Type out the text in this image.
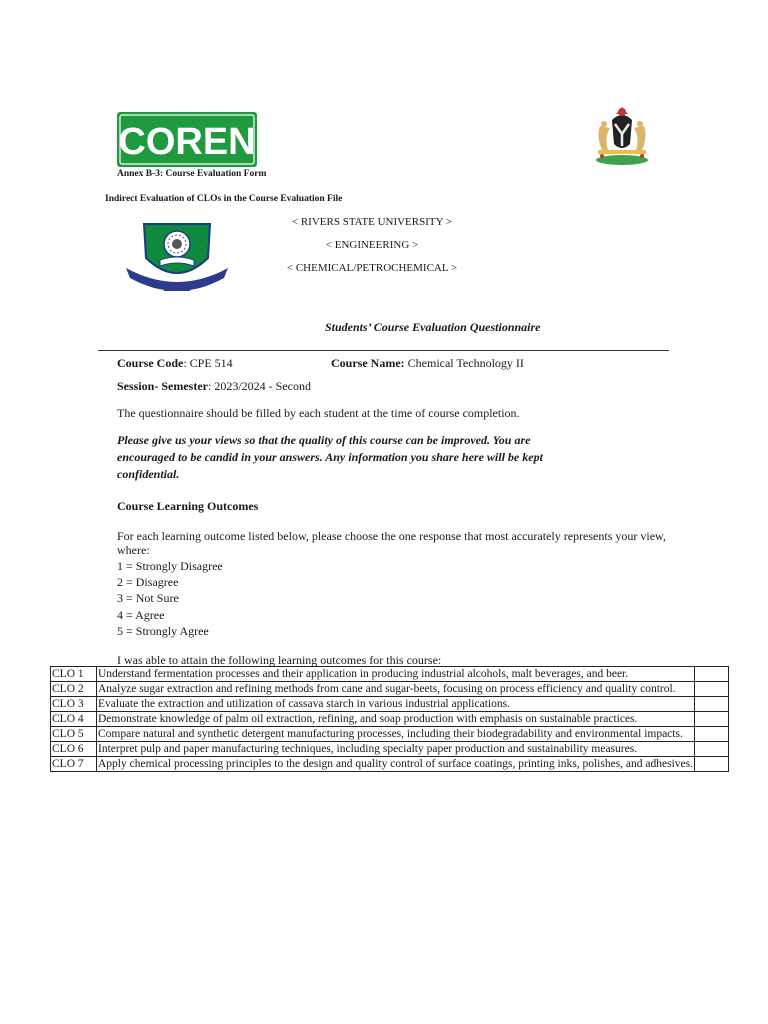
COREN
Annex B-3: Course Evaluation Form
Indirect Evaluation of CLOs in the Course Evaluation File
< RIVERS STATE UNIVERSITY >
< ENGINEERING >
< CHEMICAL/PETROCHEMICAL >
Students’ Course Evaluation Questionnaire
Course Code: CPE 514	Course Name: Chemical Technology II
Session- Semester: 2023/2024 - Second
The questionnaire should be filled by each student at the time of course completion.
Please give us your views so that the quality of this course can be improved. You are encouraged to be candid in your answers. Any information you share here will be kept confidential.
Course Learning Outcomes
For each learning outcome listed below, please choose the one response that most accurately represents your view, where:
1 = Strongly Disagree
2 = Disagree
3 = Not Sure
4 = Agree
5 = Strongly Agree
I was able to attain the following learning outcomes for this course:
CLO 1	Understand fermentation processes and their application in producing industrial alcohols, malt beverages, and beer.	
CLO 2	Analyze sugar extraction and refining methods from cane and sugar-beets, focusing on process efficiency and quality control.	
CLO 3	Evaluate the extraction and utilization of cassava starch in various industrial applications.	
CLO 4	Demonstrate knowledge of palm oil extraction, refining, and soap production with emphasis on sustainable practices.	
CLO 5	Compare natural and synthetic detergent manufacturing processes, including their biodegradability and environmental impacts.	
CLO 6	Interpret pulp and paper manufacturing techniques, including specialty paper production and sustainability measures.	
CLO 7	Apply chemical processing principles to the design and quality control of surface coatings, printing inks, polishes, and adhesives.	
